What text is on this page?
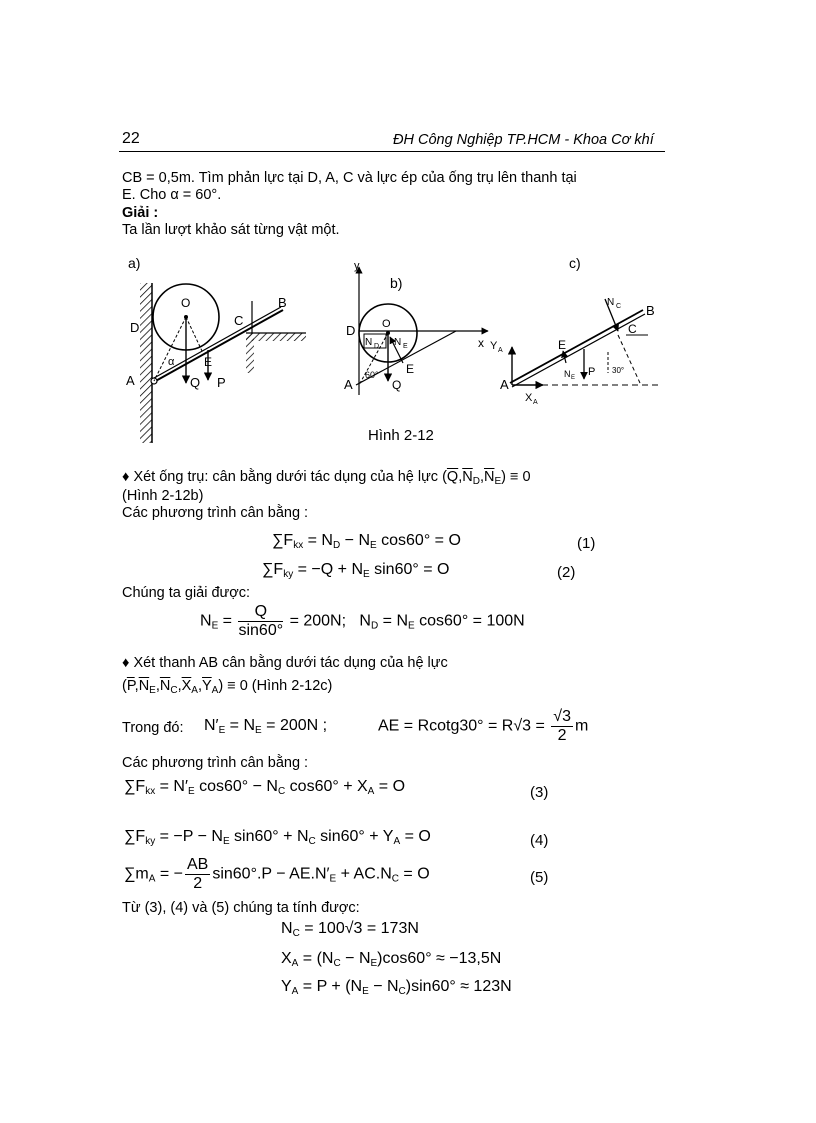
22	ĐH Công Nghiệp TP.HCM - Khoa Cơ khí
CB = 0,5m. Tìm phản lực tại D, A, C và lực ép của ống trụ lên thanh tại
E. Cho α = 60°.
Giải :
Ta lần lượt khảo sát từng vật một.
a)
D
O
C
B
E
A	Q P
α
y
b)
D O
N D N E	x
E
A
60°
Q
c)
N C B
C
Y A	E
N E P 30°
A
X A
Hình 2-12
♦ Xét ống trụ: cân bằng dưới tác dụng của hệ lực $(\overline{Q},\overline{N}_D,\overline{N}_E) \equiv 0$
(Hình 2-12b)
Các phương trình cân bằng :
$\sum F_{kx} = N_D - N_E$ cos60° = O	(1)
$\sum F_{ky} = -Q + N_E$ sin60° = O	(2)
Chúng ta giải được:
$N_E = \frac{Q}{\sin 60^\circ} = 200N$; $N_D = N_E$ cos60° = 100N
♦ Xét thanh AB cân bằng dưới tác dụng của hệ lực
$(\overline{P},\overline{N}_E,\overline{N}_C,\overline{X}_A,\overline{Y}_A) \equiv 0$ (Hình 2-12c)
Trong đó: $N'_E = N_E = 200N$ ;	AE = $Rcotg30^\circ = R√3 = \frac{√3}{2}$ m
Các phương trình cân bằng :
$\sum F_{kx} = N'_E$ $\cos 60^\circ - N_C$ $\cos 60^\circ + X_A = O$	(3)
$\sum F_{ky} = -P - N_E$ $\sin 60^\circ + N_C$ $\sin 60^\circ + Y_A = O$	(4)
$\sum m_A$ = − $\frac{AB}{2} \sin 60^\circ.P - AE.N'_E + AC.N_C = O$	(5)
Từ (3), (4) và (5) chúng ta tính được:
$N_C = 100√3 = 173N$
$X_A = (N_C - N_E)\cos 60^\circ \approx -13,5N$
$Y_A = P + (N_E - N_C)\sin 60^\circ \approx 123N$
